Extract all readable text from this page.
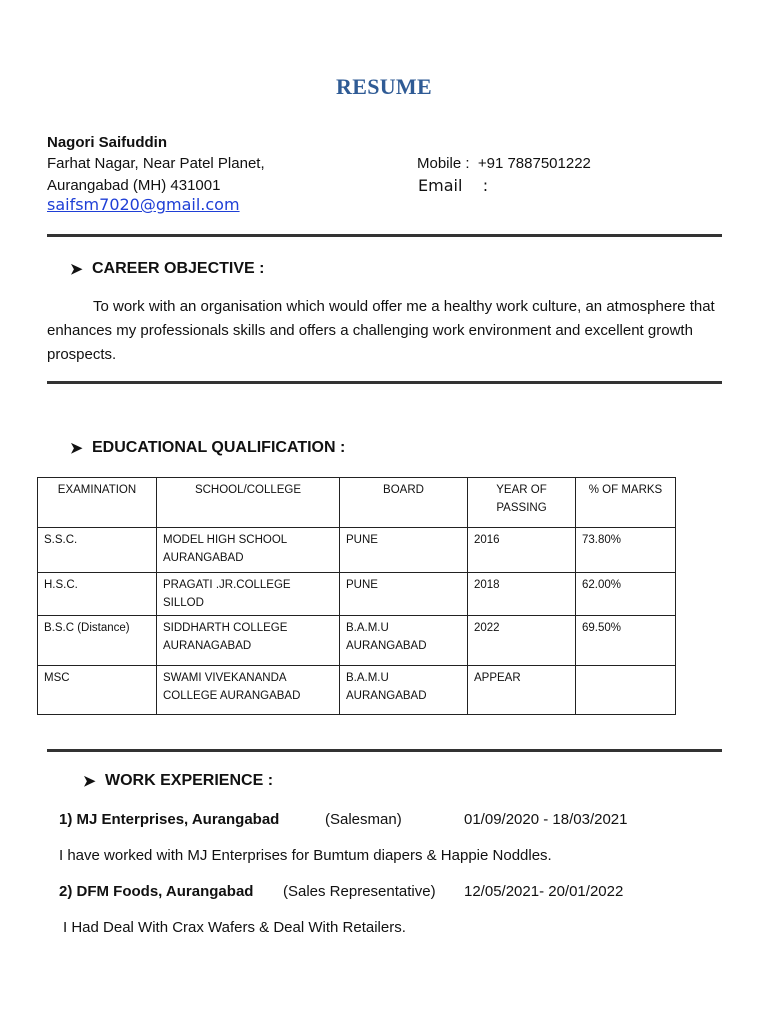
RESUME
Nagori Saifuddin
Farhat Nagar, Near Patel Planet,
Aurangabad (MH) 431001
Mobile :  +91 7887501222
Email    :
saifsm7020@gmail.com
➤ CAREER OBJECTIVE :
To work with an organisation which would offer me a healthy work culture, an atmosphere that enhances my professionals skills and offers a challenging work environment and excellent growth prospects.
➤ EDUCATIONAL QUALIFICATION :
EXAMINATION	SCHOOL/COLLEGE	BOARD	YEAR OF PASSING	% OF MARKS
S.S.C.	MODEL HIGH SCHOOL AURANGABAD	PUNE	2016	73.80%
H.S.C.	PRAGATI .JR.COLLEGE SILLOD	PUNE	2018	62.00%
B.S.C (Distance)	SIDDHARTH COLLEGE AURANAGABAD	B.A.M.U AURANGABAD	2022	69.50%
MSC	SWAMI VIVEKANANDA COLLEGE AURANGABAD	B.A.M.U AURANGABAD	APPEAR	
➤ WORK EXPERIENCE :
1) MJ Enterprises, Aurangabad	(Salesman)	01/09/2020 - 18/03/2021
I have worked with MJ Enterprises for Bumtum diapers & Happie Noddles.
2) DFM Foods, Aurangabad (Sales Representative) 12/05/2021- 20/01/2022
I Had Deal With Crax Wafers & Deal With Retailers.
